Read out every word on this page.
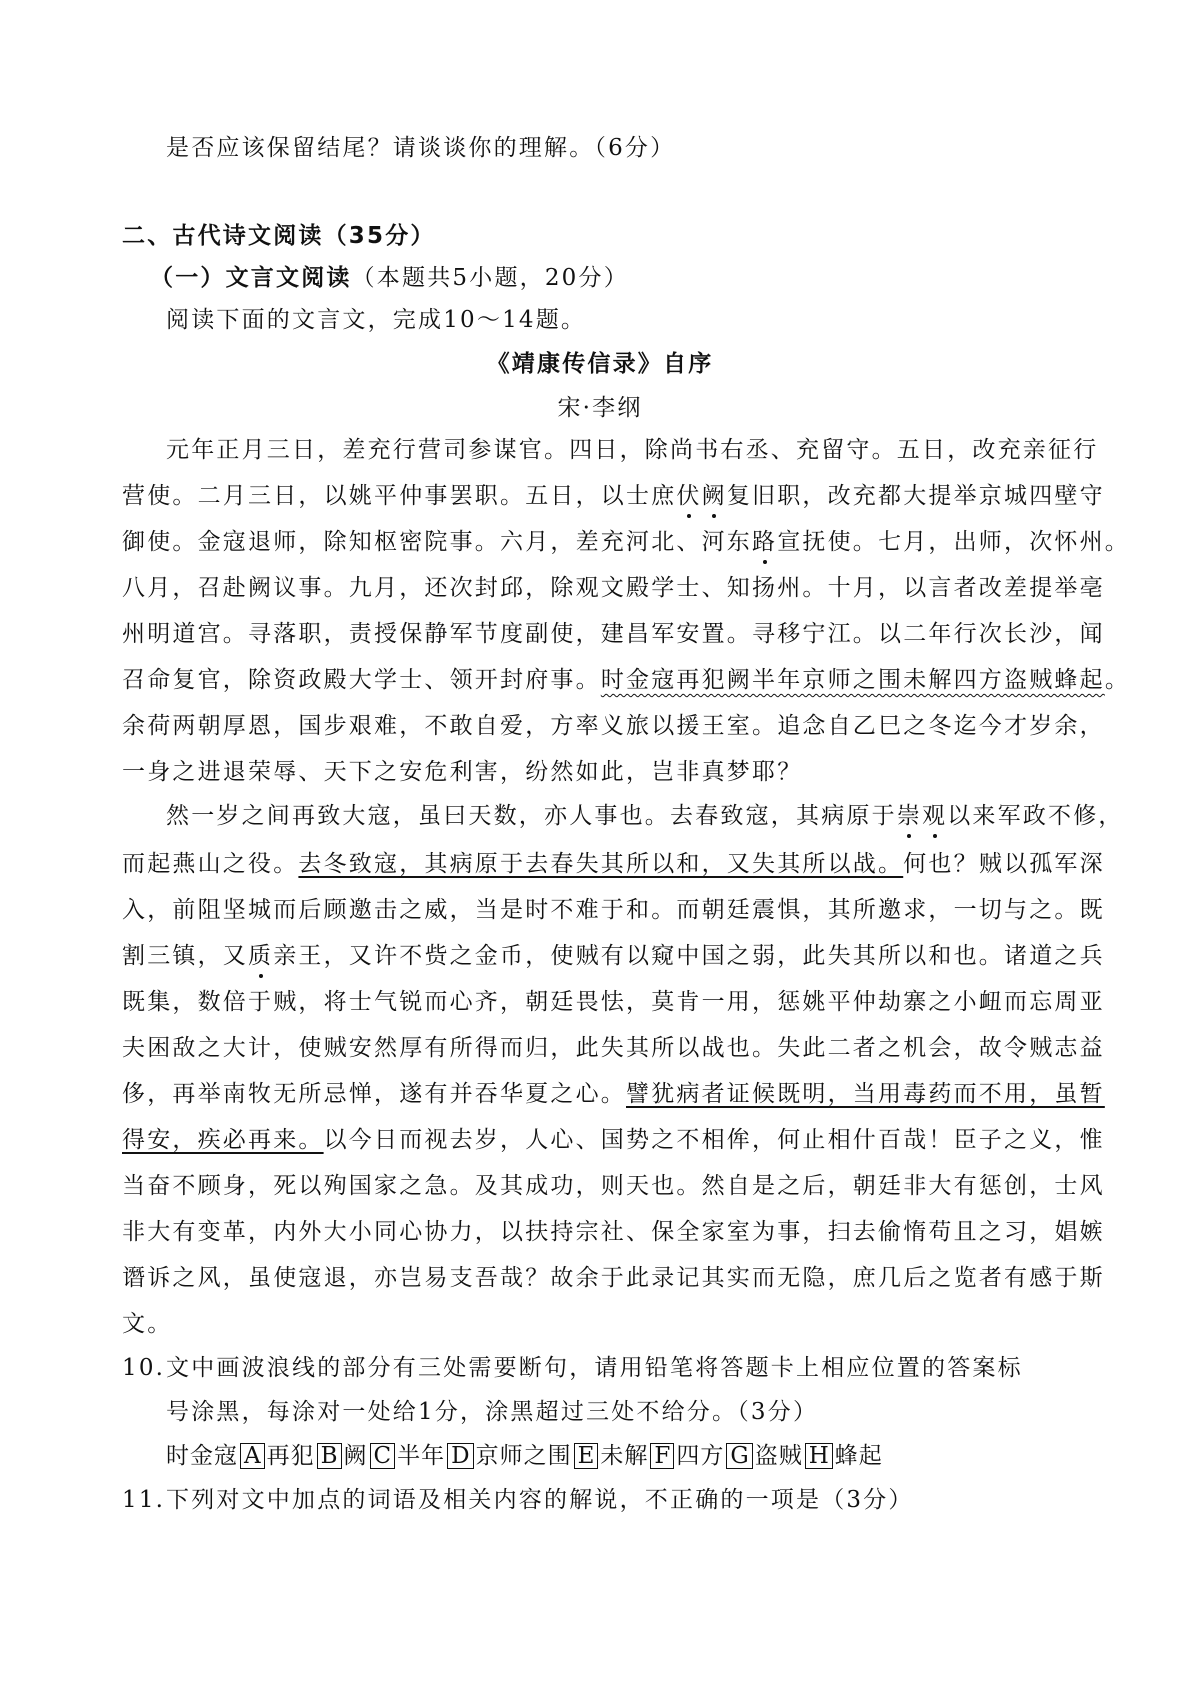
是否应该保留结尾？请谈谈你的理解。（6分）
二、古代诗文阅读（35分）
（一）文言文阅读（本题共5小题，20分）
阅读下面的文言文，完成10～14题。
《靖康传信录》自序
宋·李纲
元年正月三日，差充行营司参谋官。四日，除尚书右丞、充留守。五日，改充亲征行
营使。二月三日，以姚平仲事罢职。五日，以士庶伏阙复旧职，改充都大提举京城四壁守
御使。金寇退师，除知枢密院事。六月，差充河北、河东路宣抚使。七月，出师，次怀州。
八月，召赴阙议事。九月，还次封邱，除观文殿学士、知扬州。十月，以言者改差提举亳
州明道宫。寻落职，责授保静军节度副使，建昌军安置。寻移宁江。以二年行次长沙，闻
召命复官，除资政殿大学士、领开封府事。时金寇再犯阙半年京师之围未解四方盗贼蜂起。
余荷两朝厚恩，国步艰难，不敢自爱，方率义旅以援王室。追念自乙巳之冬迄今才岁余，
一身之进退荣辱、天下之安危利害，纷然如此，岂非真梦耶？
然一岁之间再致大寇，虽曰天数，亦人事也。去春致寇，其病原于崇观以来军政不修，
而起燕山之役。去冬致寇，其病原于去春失其所以和，又失其所以战。何也？贼以孤军深
入，前阻坚城而后顾邀击之威，当是时不难于和。而朝廷震惧，其所邀求，一切与之。既
割三镇，又质亲王，又许不赀之金币，使贼有以窥中国之弱，此失其所以和也。诸道之兵
既集，数倍于贼，将士气锐而心齐，朝廷畏怯，莫肯一用，惩姚平仲劫寨之小衄而忘周亚
夫困敌之大计，使贼安然厚有所得而归，此失其所以战也。失此二者之机会，故令贼志益
侈，再举南牧无所忌惮，遂有并吞华夏之心。譬犹病者证候既明，当用毒药而不用，虽暂
得安，疾必再来。以今日而视去岁，人心、国势之不相侔，何止相什百哉！臣子之义，惟
当奋不顾身，死以殉国家之急。及其成功，则天也。然自是之后，朝廷非大有惩创，士风
非大有变革，内外大小同心协力，以扶持宗社、保全家室为事，扫去偷惰苟且之习，娼嫉
谮诉之风，虽使寇退，亦岂易支吾哉？故余于此录记其实而无隐，庶几后之览者有感于斯
文。
10. 文中画波浪线的部分有三处需要断句，请用铅笔将答题卡上相应位置的答案标
号涂黑，每涂对一处给1分，涂黑超过三处不给分。（3分）
时金寇 A 再犯 B 阙 C 半年 D 京师之围 E 未解 F 四方 G 盗贼 H 蜂起
11. 下列对文中加点的词语及相关内容的解说，不正确的一项是（3分）
